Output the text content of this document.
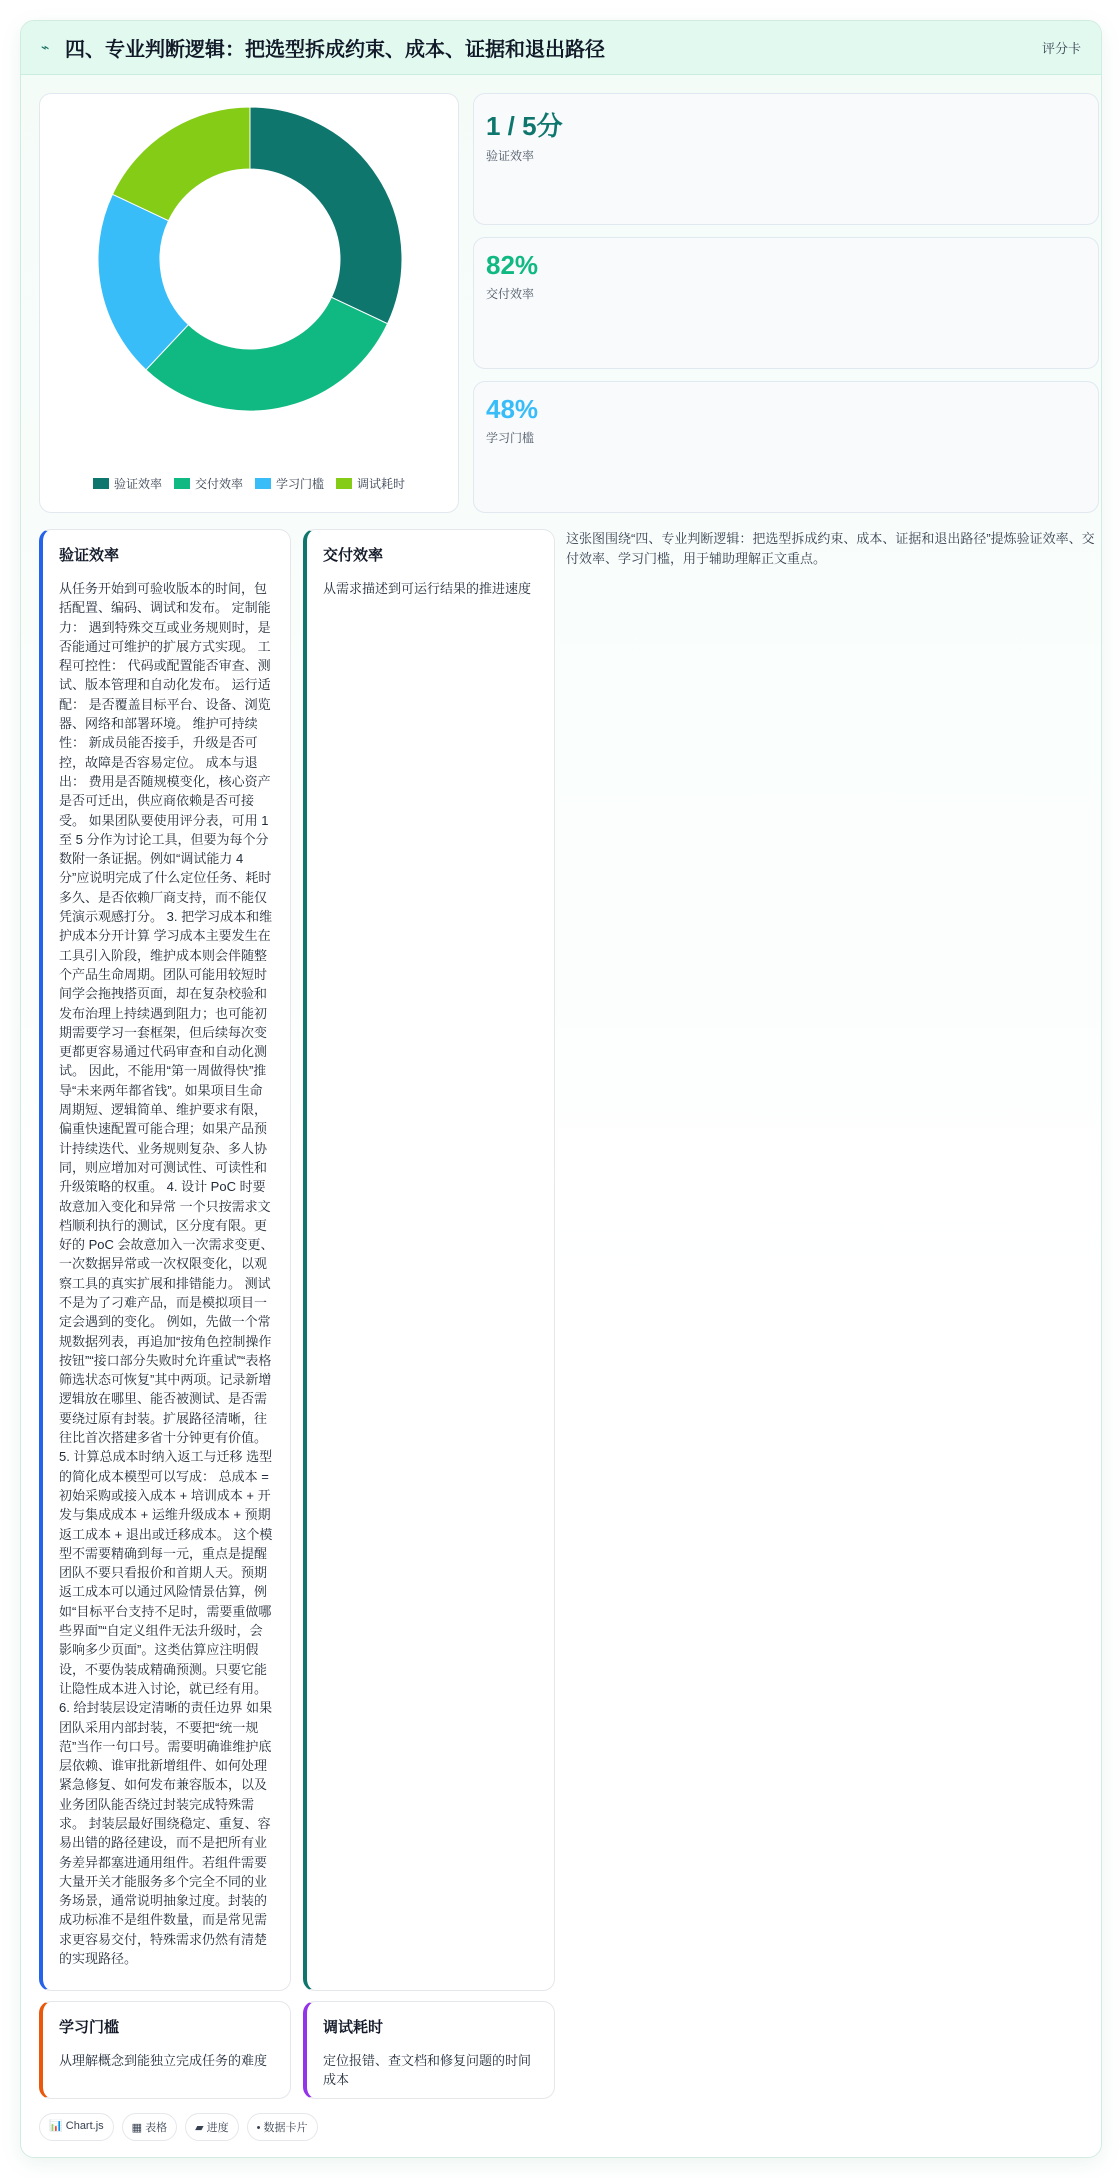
⌁ 四、专业判断逻辑：把选型拆成约束、成本、证据和退出路径	评分卡
验证效率	交付效率	学习门槛	调试耗时
1 / 5分
验证效率
82%
交付效率
48%
学习门槛
验证效率
从任务开始到可验收版本的时间，包括配置、编码、调试和发布。 定制能力： 遇到特殊交互或业务规则时，是否能通过可维护的扩展方式实现。 工程可控性： 代码或配置能否审查、测试、版本管理和自动化发布。 运行适配： 是否覆盖目标平台、设备、浏览器、网络和部署环境。 维护可持续性： 新成员能否接手，升级是否可控，故障是否容易定位。 成本与退出： 费用是否随规模变化，核心资产是否可迁出，供应商依赖是否可接受。 如果团队要使用评分表，可用 1 至 5 分作为讨论工具，但要为每个分数附一条证据。例如“调试能力 4 分”应说明完成了什么定位任务、耗时多久、是否依赖厂商支持，而不能仅凭演示观感打分。 3. 把学习成本和维护成本分开计算 学习成本主要发生在工具引入阶段，维护成本则会伴随整个产品生命周期。团队可能用较短时间学会拖拽搭页面，却在复杂校验和发布治理上持续遇到阻力；也可能初期需要学习一套框架，但后续每次变更都更容易通过代码审查和自动化测试。 因此，不能用“第一周做得快”推导“未来两年都省钱”。如果项目生命周期短、逻辑简单、维护要求有限，偏重快速配置可能合理；如果产品预计持续迭代、业务规则复杂、多人协同，则应增加对可测试性、可读性和升级策略的权重。 4. 设计 PoC 时要故意加入变化和异常 一个只按需求文档顺利执行的测试，区分度有限。更好的 PoC 会故意加入一次需求变更、一次数据异常或一次权限变化，以观察工具的真实扩展和排错能力。 测试不是为了刁难产品，而是模拟项目一定会遇到的变化。 例如，先做一个常规数据列表，再追加“按角色控制操作按钮”“接口部分失败时允许重试”“表格筛选状态可恢复”其中两项。记录新增逻辑放在哪里、能否被测试、是否需要绕过原有封装。扩展路径清晰，往往比首次搭建多省十分钟更有价值。 5. 计算总成本时纳入返工与迁移 选型的简化成本模型可以写成： 总成本 = 初始采购或接入成本 + 培训成本 + 开发与集成成本 + 运维升级成本 + 预期返工成本 + 退出或迁移成本。 这个模型不需要精确到每一元，重点是提醒团队不要只看报价和首期人天。预期返工成本可以通过风险情景估算，例如“目标平台支持不足时，需要重做哪些界面”“自定义组件无法升级时，会影响多少页面”。这类估算应注明假设，不要伪装成精确预测。只要它能让隐性成本进入讨论，就已经有用。 6. 给封装层设定清晰的责任边界 如果团队采用内部封装，不要把“统一规范”当作一句口号。需要明确谁维护底层依赖、谁审批新增组件、如何处理紧急修复、如何发布兼容版本，以及业务团队能否绕过封装完成特殊需求。 封装层最好围绕稳定、重复、容易出错的路径建设，而不是把所有业务差异都塞进通用组件。若组件需要大量开关才能服务多个完全不同的业务场景，通常说明抽象过度。封装的成功标准不是组件数量，而是常见需求更容易交付，特殊需求仍然有清楚的实现路径。
交付效率
从需求描述到可运行结果的推进速度
这张图围绕“四、专业判断逻辑：把选型拆成约束、成本、证据和退出路径”提炼验证效率、交付效率、学习门槛，用于辅助理解正文重点。
学习门槛
从理解概念到能独立完成任务的难度
调试耗时
定位报错、查文档和修复问题的时间成本
📊 Chart.js	▦ 表格	▰ 进度	• 数据卡片
